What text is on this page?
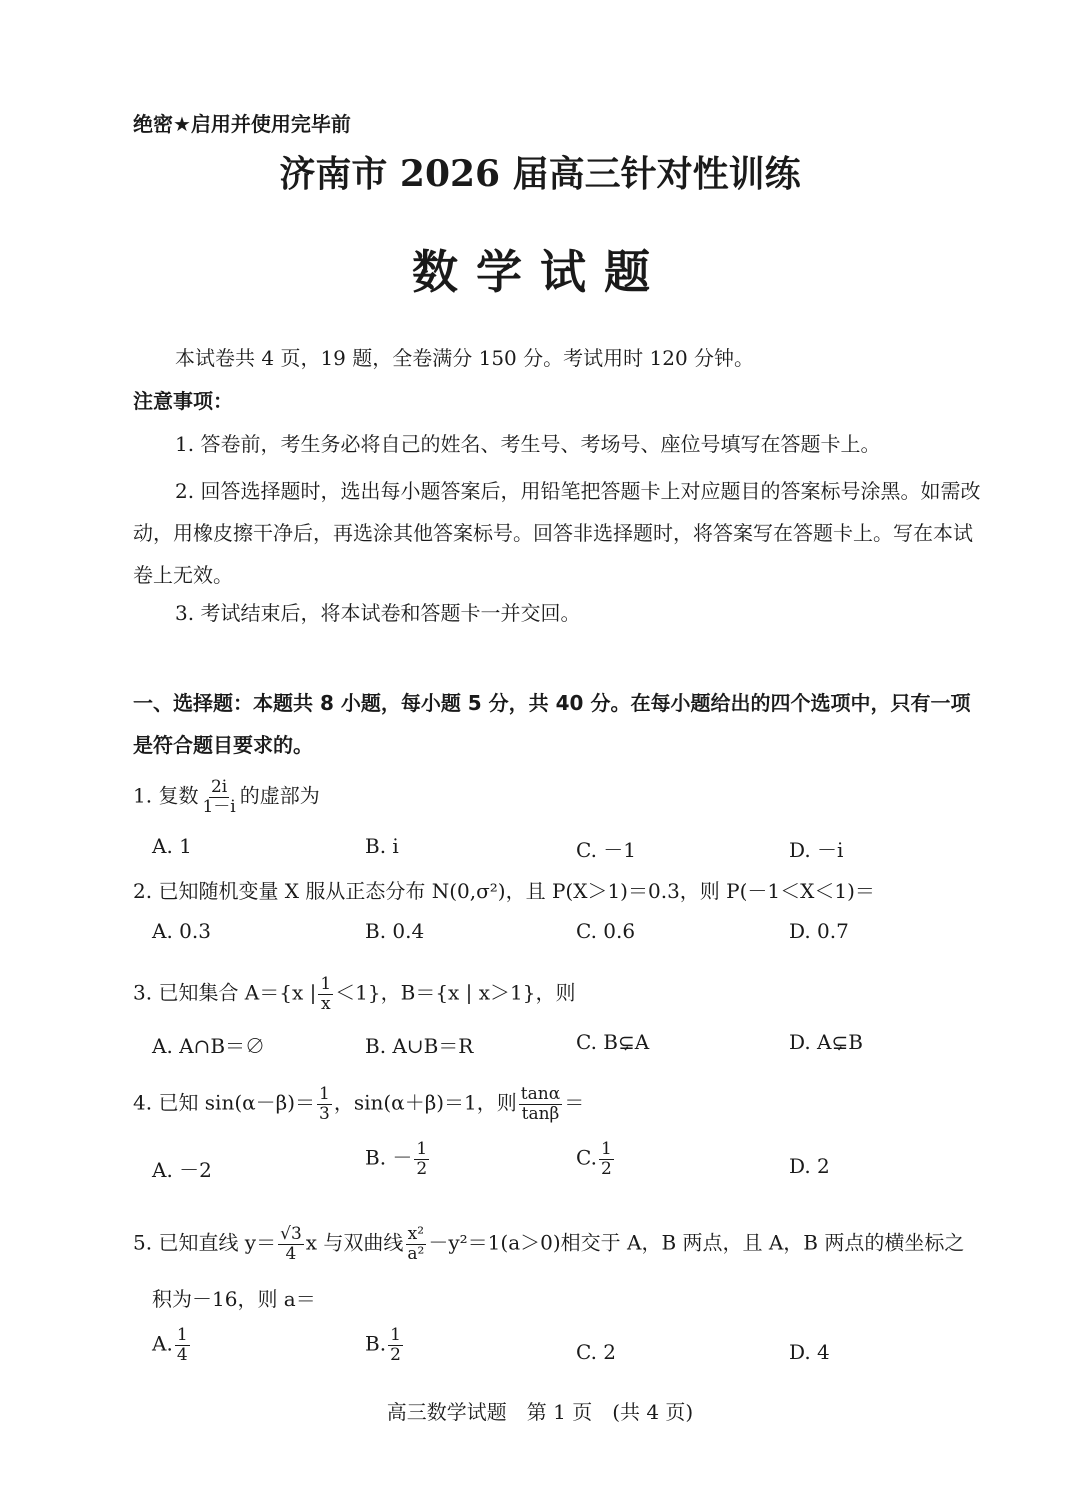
绝密★启用并使用完毕前
济南市 2026 届高三针对性训练
数学试题
本试卷共 4 页，19 题，全卷满分 150 分。考试用时 120 分钟。
注意事项：
1. 答卷前，考生务必将自己的姓名、考生号、考场号、座位号填写在答题卡上。
2. 回答选择题时，选出每小题答案后，用铅笔把答题卡上对应题目的答案标号涂黑。如需改动，用橡皮擦干净后，再选涂其他答案标号。回答非选择题时，将答案写在答题卡上。写在本试卷上无效。
3. 考试结束后，将本试卷和答题卡一并交回。
一、选择题：本题共 8 小题，每小题 5 分，共 40 分。在每小题给出的四个选项中，只有一项是符合题目要求的。
1. 复数 $\frac{2i}{1-i}$ 的虚部为
A. 1	B. i	C. －1	D. －i
2. 已知随机变量 X 服从正态分布 N(0,σ²)，且 P(X＞1)＝0.3，则 P(－1＜X＜1)＝
A. 0.3	B. 0.4	C. 0.6	D. 0.7
3. 已知集合 A＝{x | $\frac{1}{x} <1$}，B＝{x | x＞1}，则
A. A∩B＝∅	B. A∪B＝R	C. B⊊A	D. A⊊B
4. 已知 $\sin(\alpha-\beta)= \frac{1}{3}$ ，sin(α＋β)＝1，则 $\frac{\tan\alpha}{\tan\beta}$ ＝
A. －2
B. － $\frac{1}{2}$	C. $\frac{1}{2}$	D. 2
5. 已知直线 $y= \frac{√3}{4}$ x 与双曲线 $\frac{\text{x²}}{\text{a²}} -y^2=1(a>0)$相交于 A，B 两点，且 A，B 两点的横坐标之
积为－16，则 a＝
A. $\frac{1}{4}$	B. $\frac{1}{2}$	C. 2	D. 4
高三数学试题　第 1 页　(共 4 页)
